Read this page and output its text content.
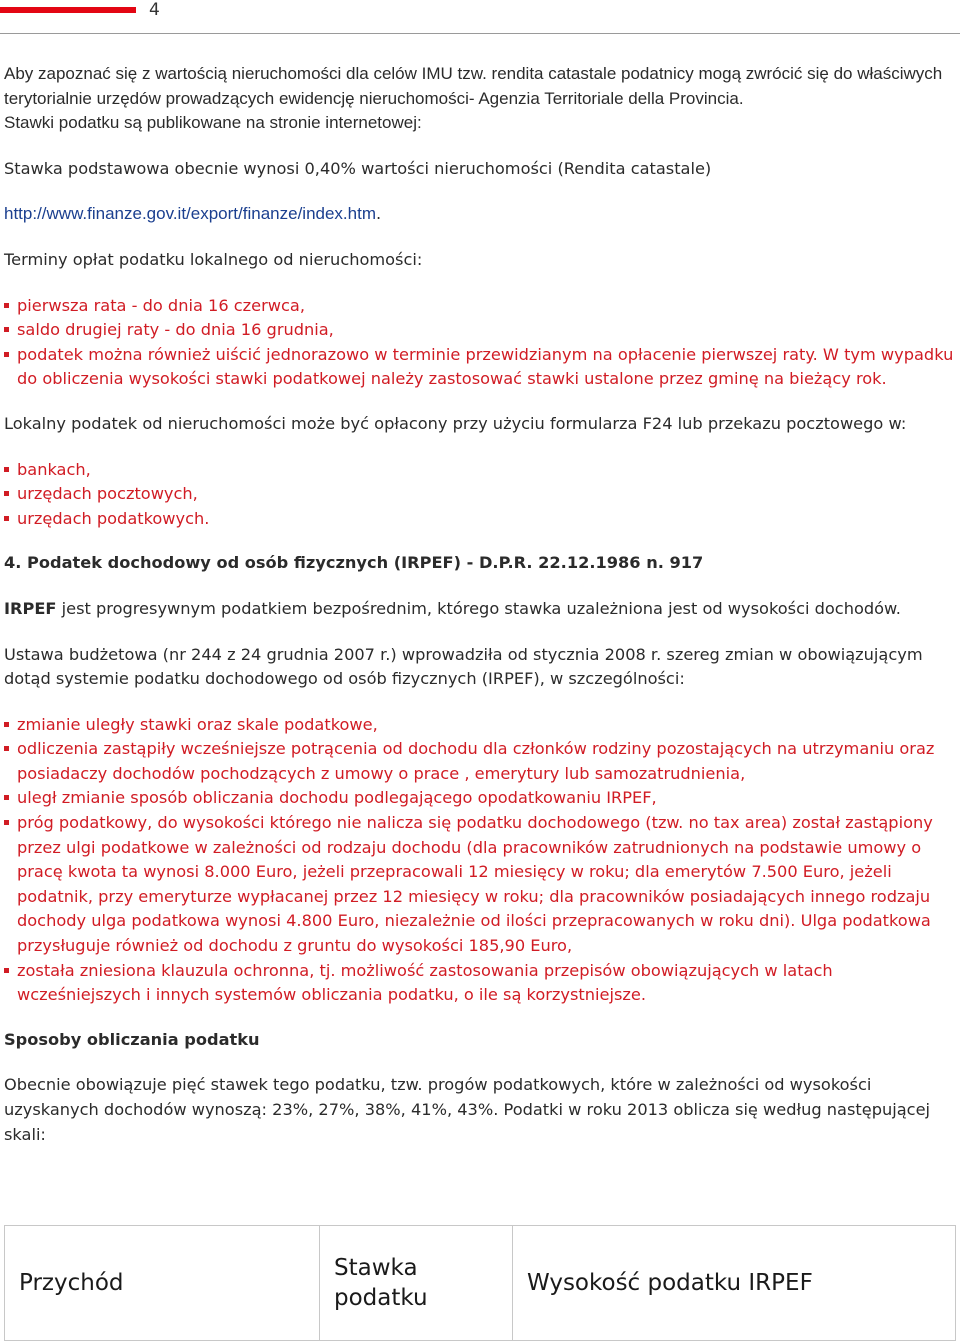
4

Aby zapoznać się z wartością nieruchomości dla celów IMU tzw. rendita catastale podatnicy mogą zwrócić się do właściwych terytorialnie urzędów prowadzących ewidencję nieruchomości- Agenzia Territoriale della Provincia.

Stawki podatku są publikowane na stronie internetowej:

Stawka podstawowa obecnie wynosi 0,40% wartości nieruchomości (Rendita catastale)

http://www.finanze.gov.it/export/finanze/index.htm.

Terminy opłat podatku lokalnego od nieruchomości:

pierwsza rata - do dnia 16 czerwca,
saldo drugiej raty - do dnia 16 grudnia,
podatek można również uiścić jednorazowo w terminie przewidzianym na opłacenie pierwszej raty. W tym wypadku do obliczenia wysokości stawki podatkowej należy zastosować stawki ustalone przez gminę na bieżący rok.

Lokalny podatek od nieruchomości może być opłacony przy użyciu formularza F24 lub przekazu pocztowego w:

bankach,
urzędach pocztowych,
urzędach podatkowych.

4. Podatek dochodowy od osób fizycznych (IRPEF) - D.P.R. 22.12.1986 n. 917

IRPEF jest progresywnym podatkiem bezpośrednim, którego stawka uzależniona jest od wysokości dochodów.

Ustawa budżetowa (nr 244 z 24 grudnia 2007 r.) wprowadziła od stycznia 2008 r. szereg zmian w obowiązującym dotąd systemie podatku dochodowego od osób fizycznych (IRPEF), w szczególności:

zmianie uległy stawki oraz skale podatkowe,
odliczenia zastąpiły wcześniejsze potrącenia od dochodu dla członków rodziny pozostających na utrzymaniu oraz posiadaczy dochodów pochodzących z umowy o prace , emerytury lub samozatrudnienia,
uległ zmianie sposób obliczania dochodu podlegającego opodatkowaniu IRPEF,
próg podatkowy, do wysokości którego nie nalicza się podatku dochodowego (tzw. no tax area) został zastąpiony przez ulgi podatkowe w zależności od rodzaju dochodu (dla pracowników zatrudnionych na podstawie umowy o pracę kwota ta wynosi 8.000 Euro, jeżeli przepracowali 12 miesięcy w roku; dla emerytów 7.500 Euro, jeżeli podatnik, przy emeryturze wypłacanej przez 12 miesięcy w roku; dla pracowników posiadających innego rodzaju dochody ulga podatkowa wynosi 4.800 Euro, niezależnie od ilości przepracowanych w roku dni). Ulga podatkowa przysługuje również od dochodu z gruntu do wysokości 185,90 Euro,
została zniesiona klauzula ochronna, tj. możliwość zastosowania przepisów obowiązujących w latach wcześniejszych i innych systemów obliczania podatku, o ile są korzystniejsze.

Sposoby obliczania podatku

Obecnie obowiązuje pięć stawek tego podatku, tzw. progów podatkowych, które w zależności od wysokości uzyskanych dochodów wynoszą: 23%, 27%, 38%, 41%, 43%. Podatki w roku 2013 oblicza się według następującej skali:

Przychód	Stawka podatku	Wysokość podatku IRPEF
